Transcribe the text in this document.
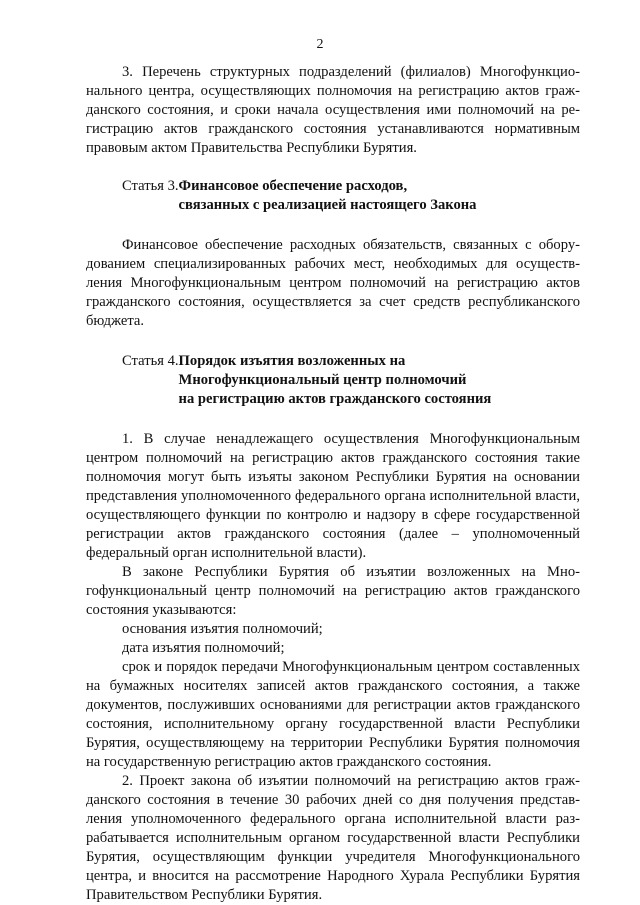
2

3. Перечень структурных подразделений (филиалов) Многофункционального центра, осуществляющих полномочия на регистрацию актов гражданского состояния, и сроки начала осуществления ими полномочий на регистрацию актов гражданского состояния устанавливаются нормативным правовым актом Правительства Республики Бурятия.

Статья 3. Финансовое обеспечение расходов,
связанных с реализацией настоящего Закона

Финансовое обеспечение расходных обязательств, связанных с оборудованием специализированных рабочих мест, необходимых для осуществления Многофункциональным центром полномочий на регистрацию актов гражданского состояния, осуществляется за счет средств республиканского бюджета.

Статья 4. Порядок изъятия возложенных на
Многофункциональный центр полномочий
на регистрацию актов гражданского состояния

1. В случае ненадлежащего осуществления Многофункциональным центром полномочий на регистрацию актов гражданского состояния такие полномочия могут быть изъяты законом Республики Бурятия на основании представления уполномоченного федерального органа исполнительной власти, осуществляющего функции по контролю и надзору в сфере государственной регистрации актов гражданского состояния (далее – уполномоченный федеральный орган исполнительной власти).

В законе Республики Бурятия об изъятии возложенных на Многофункциональный центр полномочий на регистрацию актов гражданского состояния указываются:

основания изъятия полномочий;

дата изъятия полномочий;

срок и порядок передачи Многофункциональным центром составленных на бумажных носителях записей актов гражданского состояния, а также документов, послуживших основаниями для регистрации актов гражданского состояния, исполнительному органу государственной власти Республики Бурятия, осуществляющему на территории Республики Бурятия полномочия на государственную регистрацию актов гражданского состояния.

2. Проект закона об изъятии полномочий на регистрацию актов гражданского состояния в течение 30 рабочих дней со дня получения представления уполномоченного федерального органа исполнительной власти разрабатывается исполнительным органом государственной власти Республики Бурятия, осуществляющим функции учредителя Многофункционального центра, и вносится на рассмотрение Народного Хурала Республики Бурятия Правительством Республики Бурятия.
